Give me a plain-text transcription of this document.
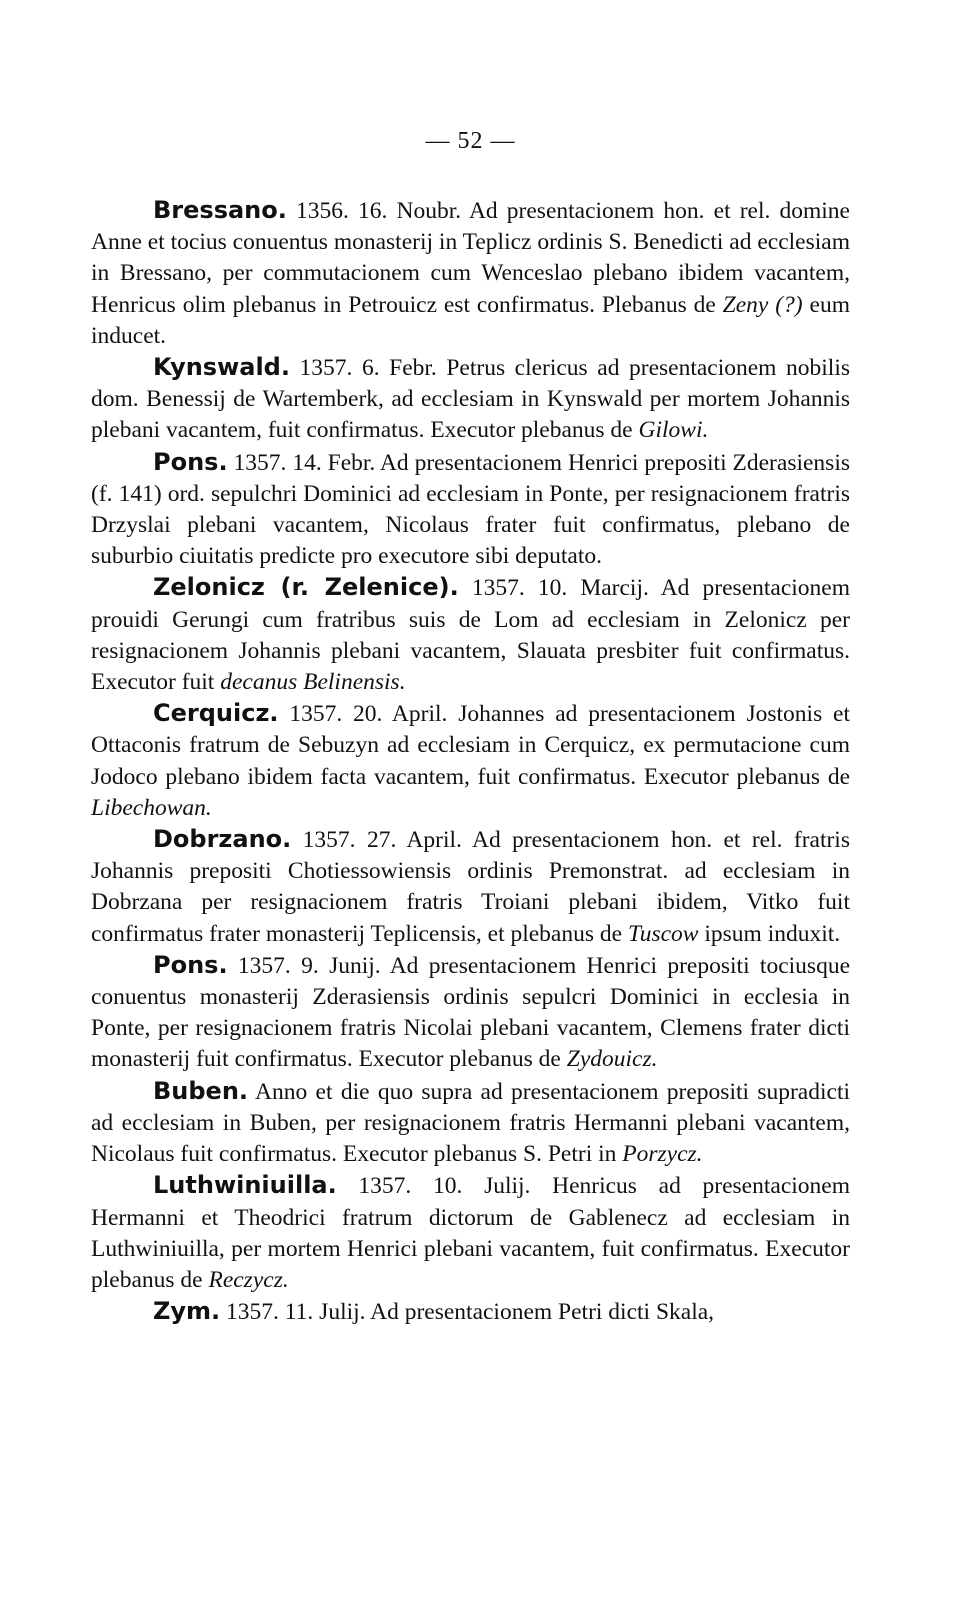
— 52 —

Bressano. 1356. 16. Noubr. Ad presentacionem hon. et rel. domine Anne et tocius conuentus monasterij in Teplicz ordinis S. Benedicti ad ecclesiam in Bressano, per commutacionem cum Wenceslao plebano ibidem vacantem, Henricus olim plebanus in Petrouicz est confirmatus. Plebanus de Zeny (?) eum inducet.

Kynswald. 1357. 6. Febr. Petrus clericus ad presentacionem nobilis dom. Benessij de Wartemberk, ad ecclesiam in Kynswald per mortem Johannis plebani vacantem, fuit confirmatus. Executor plebanus de Gilowi.

Pons. 1357. 14. Febr. Ad presentacionem Henrici prepositi Zderasiensis (f. 141) ord. sepulchri Dominici ad ecclesiam in Ponte, per resignacionem fratris Drzyslai plebani vacantem, Nicolaus frater fuit confirmatus, plebano de suburbio ciuitatis predicte pro executore sibi deputato.

Zelonicz (r. Zelenice). 1357. 10. Marcij. Ad presentacionem prouidi Gerungi cum fratribus suis de Lom ad ecclesiam in Zelonicz per resignacionem Johannis plebani vacantem, Slauata presbiter fuit confirmatus. Executor fuit decanus Belinensis.

Cerquicz. 1357. 20. April. Johannes ad presentacionem Jostonis et Ottaconis fratrum de Sebuzyn ad ecclesiam in Cerquicz, ex permutacione cum Jodoco plebano ibidem facta vacantem, fuit confirmatus. Executor plebanus de Libechowan.

Dobrzano. 1357. 27. April. Ad presentacionem hon. et rel. fratris Johannis prepositi Chotiessowiensis ordinis Premonstrat. ad ecclesiam in Dobrzana per resignacionem fratris Troiani plebani ibidem, Vitko fuit confirmatus frater monasterij Teplicensis, et plebanus de Tuscow ipsum induxit.

Pons. 1357. 9. Junij. Ad presentacionem Henrici prepositi tociusque conuentus monasterij Zderasiensis ordinis sepulcri Dominici in ecclesia in Ponte, per resignacionem fratris Nicolai plebani vacantem, Clemens frater dicti monasterij fuit confirmatus. Executor plebanus de Zydouicz.

Buben. Anno et die quo supra ad presentacionem prepositi supradicti ad ecclesiam in Buben, per resignacionem fratris Hermanni plebani vacantem, Nicolaus fuit confirmatus. Executor plebanus S. Petri in Porzycz.

Luthwiniuilla. 1357. 10. Julij. Henricus ad presentacionem Hermanni et Theodrici fratrum dictorum de Gablenecz ad ecclesiam in Luthwiniuilla, per mortem Henrici plebani vacantem, fuit confirmatus. Executor plebanus de Reczycz.

Zym. 1357. 11. Julij. Ad presentacionem Petri dicti Skala,
